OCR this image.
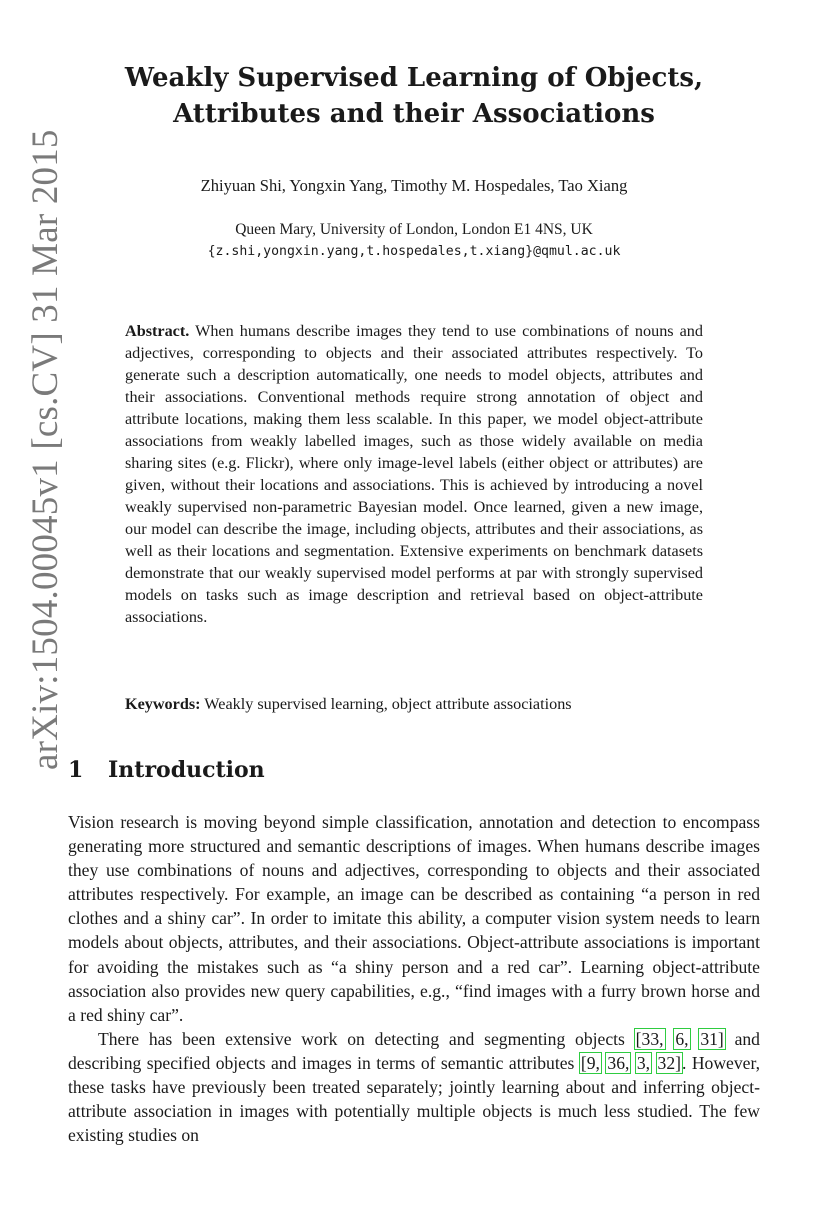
arXiv:1504.00045v1 [cs.CV] 31 Mar 2015
Weakly Supervised Learning of Objects,
Attributes and their Associations
Zhiyuan Shi, Yongxin Yang, Timothy M. Hospedales, Tao Xiang
Queen Mary, University of London, London E1 4NS, UK
{z.shi,yongxin.yang,t.hospedales,t.xiang}@qmul.ac.uk
Abstract. When humans describe images they tend to use combinations of nouns and adjectives, corresponding to objects and their associated attributes respectively. To generate such a description automatically, one needs to model objects, attributes and their associations. Conventional methods require strong annotation of object and attribute locations, making them less scalable. In this paper, we model object-attribute associations from weakly labelled images, such as those widely available on media sharing sites (e.g. Flickr), where only image-level labels (either object or attributes) are given, without their locations and associations. This is achieved by introducing a novel weakly supervised non-parametric Bayesian model. Once learned, given a new image, our model can describe the image, including objects, attributes and their associations, as well as their locations and segmentation. Extensive experiments on benchmark datasets demonstrate that our weakly supervised model performs at par with strongly supervised models on tasks such as image description and retrieval based on object-attribute associations.
Keywords: Weakly supervised learning, object attribute associations
1 Introduction

Vision research is moving beyond simple classification, annotation and detection to encompass generating more structured and semantic descriptions of images. When humans describe images they use combinations of nouns and adjectives, corresponding to objects and their associated attributes respectively. For example, an image can be described as containing “a person in red clothes and a shiny car”. In order to imitate this ability, a computer vision system needs to learn models about objects, attributes, and their associations. Object-attribute associations is important for avoiding the mistakes such as “a shiny person and a red car”. Learning object-attribute association also provides new query capabilities, e.g., “find images with a furry brown horse and a red shiny car”.

There has been extensive work on detecting and segmenting objects [33, 6, 31] and describing specified objects and images in terms of semantic attributes [9, 36, 3, 32]. However, these tasks have previously been treated separately; jointly learning about and inferring object-attribute association in images with potentially multiple objects is much less studied. The few existing studies on
